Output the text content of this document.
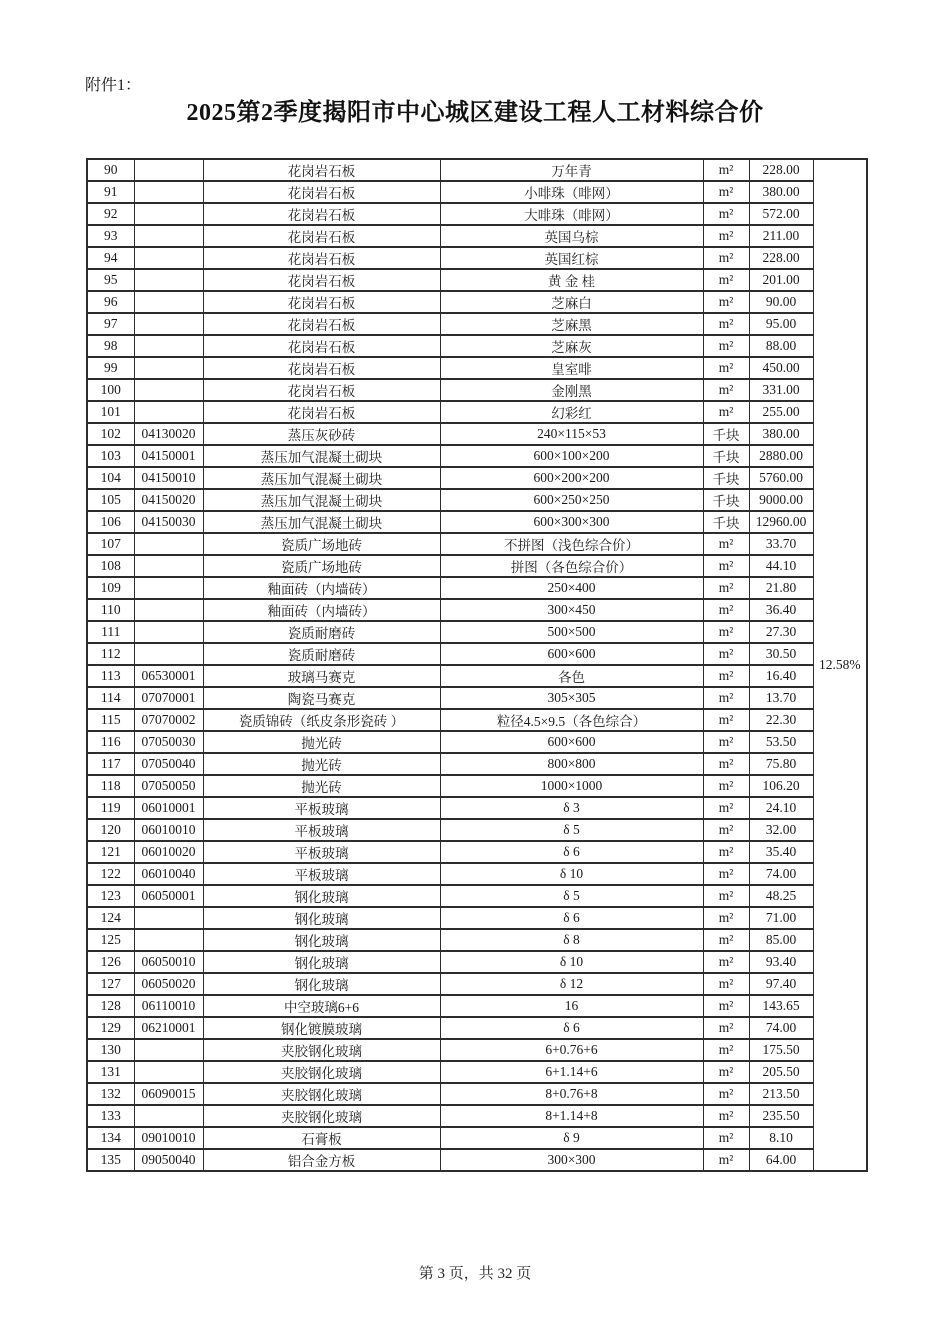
附件1：
2025第2季度揭阳市中心城区建设工程人工材料综合价
90		花岗岩石板	万年青	m²	228.00	12.58%
91		花岗岩石板	小啡珠（啡网）	m²	380.00	
92		花岗岩石板	大啡珠（啡网）	m²	572.00	
93		花岗岩石板	英国乌棕	m²	211.00	
94		花岗岩石板	英国红棕	m²	228.00	
95		花岗岩石板	黄 金 桂	m²	201.00	
96		花岗岩石板	芝麻白	m²	90.00	
97		花岗岩石板	芝麻黑	m²	95.00	
98		花岗岩石板	芝麻灰	m²	88.00	
99		花岗岩石板	皇室啡	m²	450.00	
100		花岗岩石板	金刚黑	m²	331.00	
101		花岗岩石板	幻彩红	m²	255.00	
102	04130020	蒸压灰砂砖	240×115×53	千块	380.00	
103	04150001	蒸压加气混凝土砌块	600×100×200	千块	2880.00	
104	04150010	蒸压加气混凝土砌块	600×200×200	千块	5760.00	
105	04150020	蒸压加气混凝土砌块	600×250×250	千块	9000.00	
106	04150030	蒸压加气混凝土砌块	600×300×300	千块	12960.00	
107		瓷质广场地砖	不拼图（浅色综合价）	m²	33.70	
108		瓷质广场地砖	拼图（各色综合价）	m²	44.10	
109		釉面砖（内墙砖）	250×400	m²	21.80	
110		釉面砖（内墙砖）	300×450	m²	36.40	
111		瓷质耐磨砖	500×500	m²	27.30	
112		瓷质耐磨砖	600×600	m²	30.50	
113	06530001	玻璃马赛克	各色	m²	16.40	
114	07070001	陶瓷马赛克	305×305	m²	13.70	
115	07070002	瓷质锦砖（纸皮条形瓷砖 ）	粒径4.5×9.5（各色综合）	m²	22.30	
116	07050030	抛光砖	600×600	m²	53.50	
117	07050040	抛光砖	800×800	m²	75.80	
118	07050050	抛光砖	1000×1000	m²	106.20	
119	06010001	平板玻璃	δ 3	m²	24.10	
120	06010010	平板玻璃	δ 5	m²	32.00	
121	06010020	平板玻璃	δ 6	m²	35.40	
122	06010040	平板玻璃	δ 10	m²	74.00	
123	06050001	钢化玻璃	δ 5	m²	48.25	
124		钢化玻璃	δ 6	m²	71.00	
125		钢化玻璃	δ 8	m²	85.00	
126	06050010	钢化玻璃	δ 10	m²	93.40	
127	06050020	钢化玻璃	δ 12	m²	97.40	
128	06110010	中空玻璃6+6	16	m²	143.65	
129	06210001	钢化镀膜玻璃	δ 6	m²	74.00	
130		夹胶钢化玻璃	6+0.76+6	m²	175.50	
131		夹胶钢化玻璃	6+1.14+6	m²	205.50	
132	06090015	夹胶钢化玻璃	8+0.76+8	m²	213.50	
133		夹胶钢化玻璃	8+1.14+8	m²	235.50	
134	09010010	石膏板	δ 9	m²	8.10	
135	09050040	铝合金方板	300×300	m²	64.00	
第 3 页，共 32 页
